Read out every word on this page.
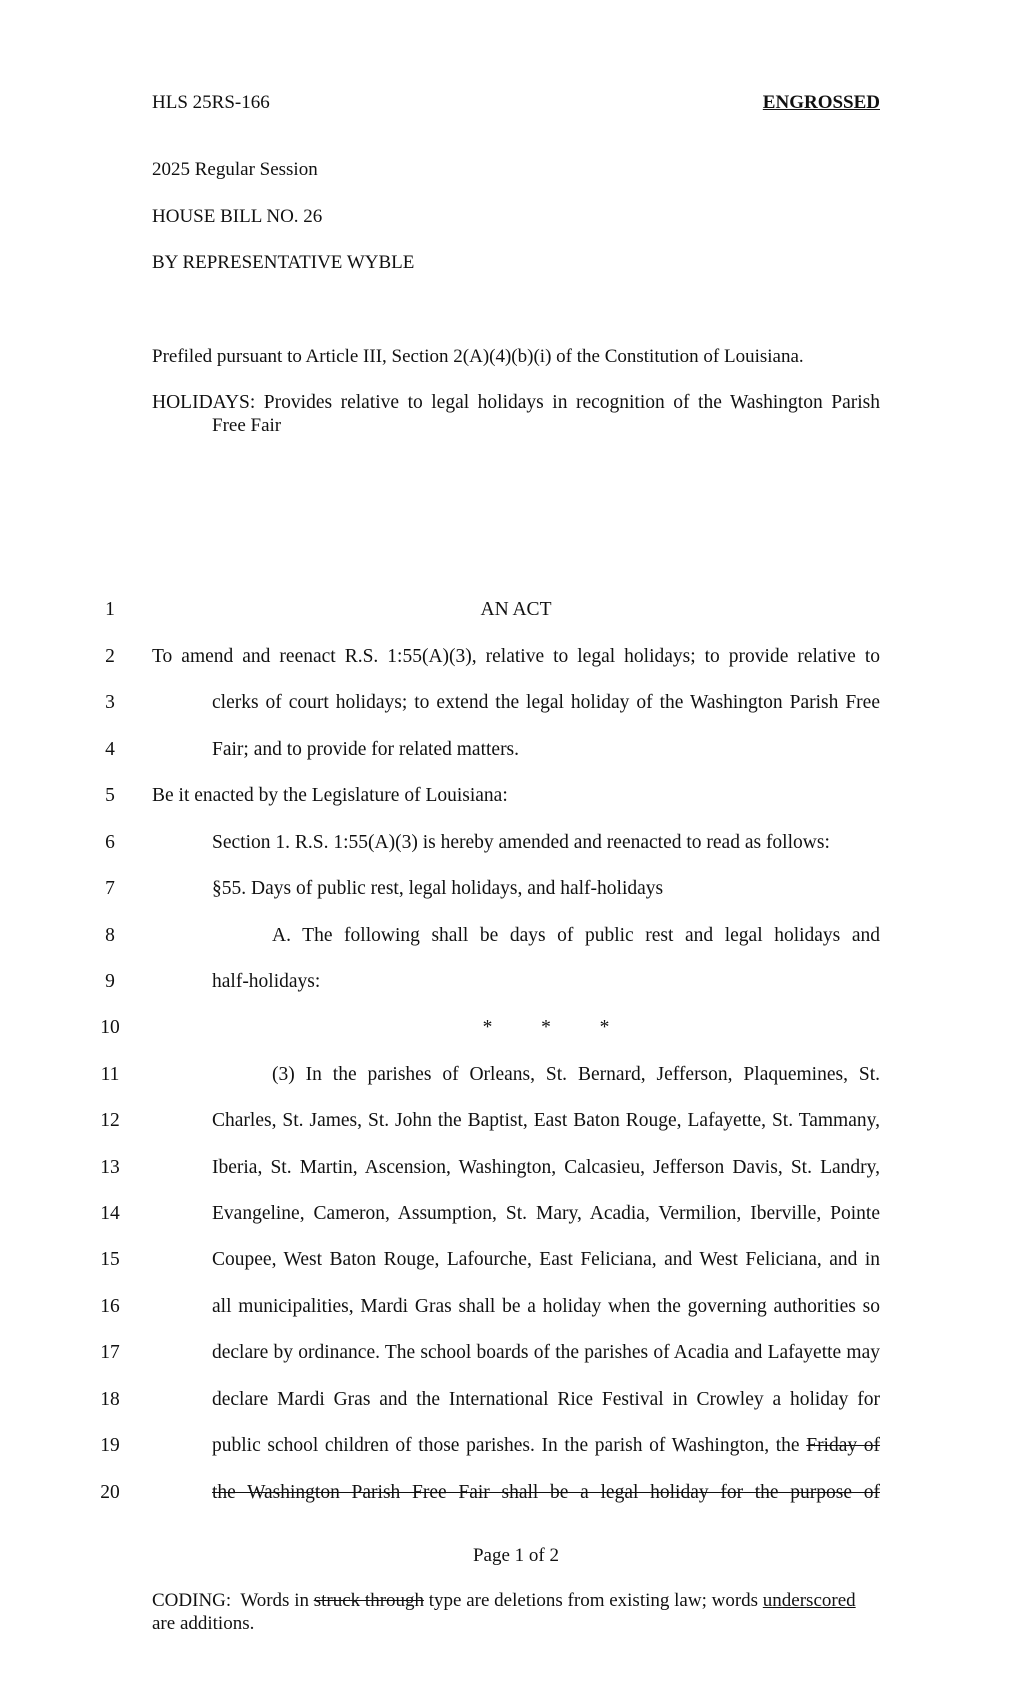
HLS 25RS-166	ENGROSSED
2025 Regular Session
HOUSE BILL NO. 26
BY REPRESENTATIVE WYBLE
Prefiled pursuant to Article III, Section 2(A)(4)(b)(i) of the Constitution of Louisiana.
HOLIDAYS: Provides relative to legal holidays in recognition of the Washington Parish
Free Fair
1
2
3
4
5
6
7
8
9
10
11
12
13
14
15
16
17
18
19
20
AN ACT
To amend and reenact R.S. 1:55(A)(3), relative to legal holidays; to provide relative to
clerks of court holidays; to extend the legal holiday of the Washington Parish Free
Fair; and to provide for related matters.
Be it enacted by the Legislature of Louisiana:
Section 1. R.S. 1:55(A)(3) is hereby amended and reenacted to read as follows:
§55. Days of public rest, legal holidays, and half-holidays
A. The following shall be days of public rest and legal holidays and
half-holidays:
*          *          *
(3) In the parishes of Orleans, St. Bernard, Jefferson, Plaquemines, St.
Charles, St. James, St. John the Baptist, East Baton Rouge, Lafayette, St. Tammany,
Iberia, St. Martin, Ascension, Washington, Calcasieu, Jefferson Davis, St. Landry,
Evangeline, Cameron, Assumption, St. Mary, Acadia, Vermilion, Iberville, Pointe
Coupee, West Baton Rouge, Lafourche, East Feliciana, and West Feliciana, and in
all municipalities, Mardi Gras shall be a holiday when the governing authorities so
declare by ordinance. The school boards of the parishes of Acadia and Lafayette may
declare Mardi Gras and the International Rice Festival in Crowley a holiday for
public school children of those parishes. In the parish of Washington, the Friday of
the Washington Parish Free Fair shall be a legal holiday for the purpose of
Page 1 of 2
CODING:  Words in struck through type are deletions from existing law; words underscored
are additions.
